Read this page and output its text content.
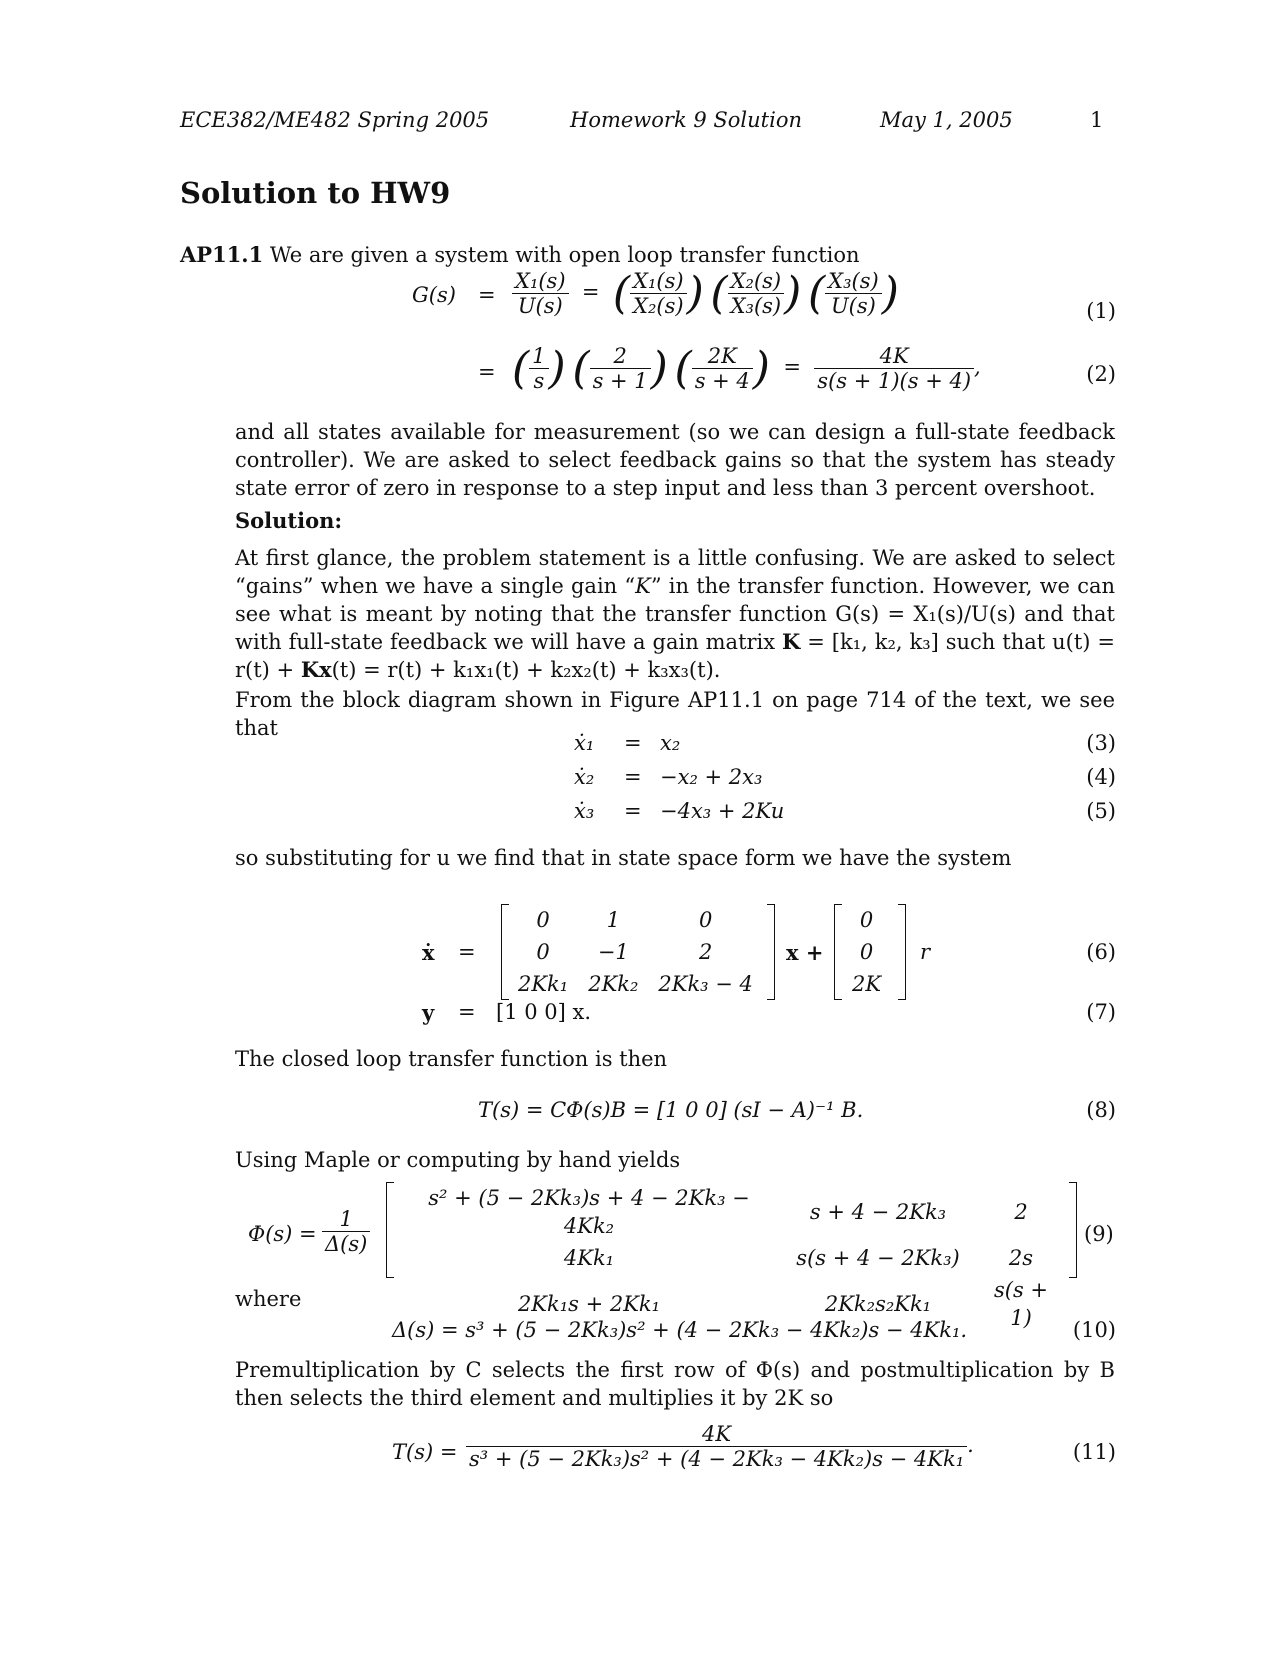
ECE382/ME482 Spring 2005	Homework 9 Solution	May 1, 2005	1
Solution to HW9
AP11.1 We are given a system with open loop transfer function
$G(s) = \frac{\text{X₁(s)}}{U(s)}$ =  ( $\frac{\text{X₁(s)}}{\text{X₂(s)}}$ ) ( $\frac{\text{X₂(s)}}{\text{X₃(s)}}$ ) ( $\frac{\text{X₃(s)}}{U(s)}$ )	(1)
= ( $\frac{1}{s}$ ) ( $\frac{2}{s + 1}$ ) ( $\frac{2K}{s + 4}$ )  = $\frac{4K}{s(s + 1)(s + 4)}$ ,	(2)
and all states available for measurement (so we can design a full-state feedback controller). We are asked to select feedback gains so that the system has steady state error of zero in response to a step input and less than 3 percent overshoot.
Solution:

At first glance, the problem statement is a little confusing. We are asked to select “gains” when we have a single gain “K” in the transfer function. However, we can see what is meant by noting that the transfer function G(s) = X₁(s)/U(s) and that with full-state feedback we will have a gain matrix K = [k₁, k₂, k₃] such that u(t) = r(t) + Kx(t) = r(t) + k₁x₁(t) + k₂x₂(t) + k₃x₃(t).

From the block diagram shown in Figure AP11.1 on page 714 of the text, we see that
ẋ₁ = x₂	(3)
ẋ₂ = −x₂ + 2x₃	(4)
ẋ₃ = −4x₃ + 2Ku	(5)
so substituting for u we find that in state space form we have the system
ẋ =
0	1	0
0	−1	2
2Kk₁	2Kk₂	2Kk₃ − 4
x +
0
0
2K
r	(6)
y = [1 0 0] x.	(7)
The closed loop transfer function is then
T(s) = CΦ(s)B = [1 0 0] (sI − A)⁻¹ B.	(8)
Using Maple or computing by hand yields
$\Phi(s) = \frac{1}{\Delta(s)}$
s² + (5 − 2Kk₃)s + 4 − 2Kk₃ − 4Kk₂	s + 4 − 2Kk₃	2
4Kk₁	s(s + 4 − 2Kk₃)	2s
2Kk₁s + 2Kk₁	2Kk₂s₂Kk₁	s(s + 1)
(9)
where
Δ(s) = s³ + (5 − 2Kk₃)s² + (4 − 2Kk₃ − 4Kk₂)s − 4Kk₁.	(10)
Premultiplication by C selects the first row of Φ(s) and postmultiplication by B then selects the third element and multiplies it by 2K so
$T(s) = \frac{4K}{\text{s³ + (5 − 2Kk₃)s² + (4 − 2Kk₃ − 4Kk₂)s − 4Kk₁}}$ .	(11)
